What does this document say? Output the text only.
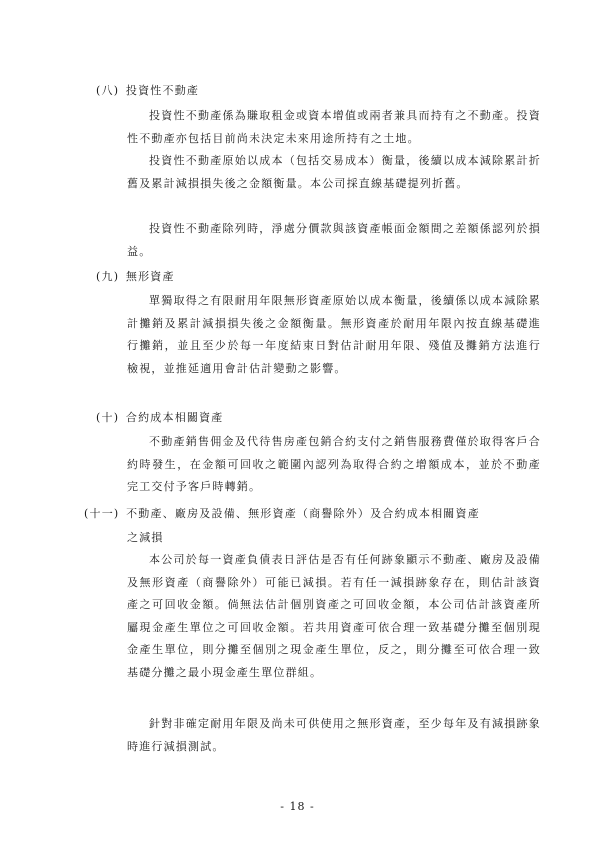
(八) 投資性不動產

投資性不動產係為賺取租金或資本增值或兩者兼具而持有之不動產。投資性不動產亦包括目前尚未決定未來用途所持有之土地。

投資性不動產原始以成本（包括交易成本）衡量，後續以成本減除累計折舊及累計減損損失後之金額衡量。本公司採直線基礎提列折舊。

投資性不動產除列時，淨處分價款與該資產帳面金額間之差額係認列於損益。

(九) 無形資產

單獨取得之有限耐用年限無形資產原始以成本衡量，後續係以成本減除累計攤銷及累計減損損失後之金額衡量。無形資產於耐用年限內按直線基礎進行攤銷，並且至少於每一年度結束日對估計耐用年限、殘值及攤銷方法進行檢視，並推延適用會計估計變動之影響。

(十) 合約成本相關資產

不動產銷售佣金及代待售房產包銷合約支付之銷售服務費僅於取得客戶合約時發生，在金額可回收之範圍內認列為取得合約之增額成本，並於不動產完工交付予客戶時轉銷。

(十一) 不動產、廠房及設備、無形資產（商譽除外）及合約成本相關資產
之減損

本公司於每一資產負債表日評估是否有任何跡象顯示不動產、廠房及設備及無形資產（商譽除外）可能已減損。若有任一減損跡象存在，則估計該資產之可回收金額。倘無法估計個別資產之可回收金額，本公司估計該資產所屬現金產生單位之可回收金額。若共用資產可依合理一致基礎分攤至個別現金產生單位，則分攤至個別之現金產生單位，反之，則分攤至可依合理一致基礎分攤之最小現金產生單位群組。

針對非確定耐用年限及尚未可供使用之無形資產，至少每年及有減損跡象時進行減損測試。

- 18 -
